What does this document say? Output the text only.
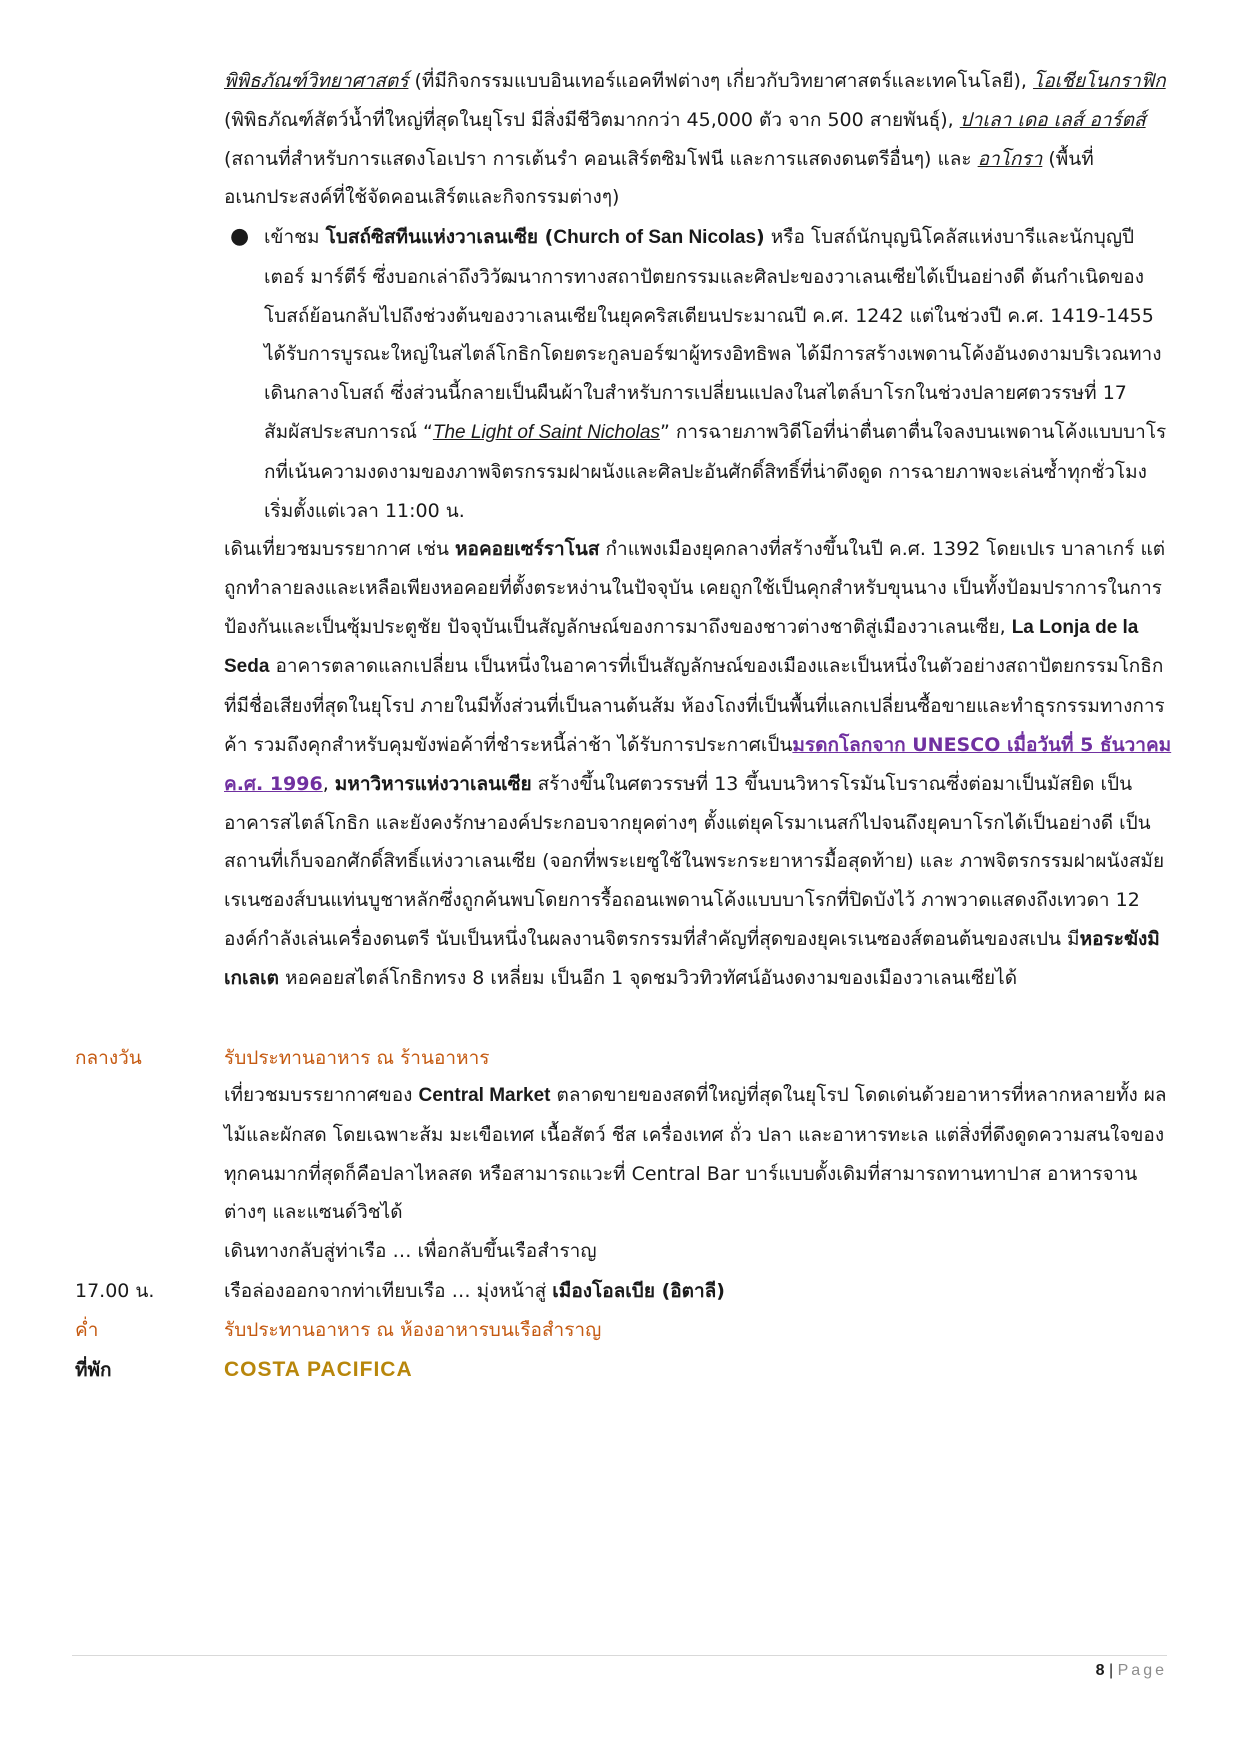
พิพิธภัณฑ์วิทยาศาสตร์ (ที่มีกิจกรรมแบบอินเทอร์แอคทีฟต่างๆ เกี่ยวกับวิทยาศาสตร์และเทคโนโลยี), โอเชียโนกราฟิก (พิพิธภัณฑ์สัตว์น้ำที่ใหญ่ที่สุดในยุโรป มีสิ่งมีชีวิตมากกว่า 45,000 ตัว จาก 500 สายพันธุ์), ปาเลา เดอ เลส์ อาร์ตส์ (สถานที่สำหรับการแสดงโอเปรา การเต้นรำ คอนเสิร์ตซิมโฟนี และการแสดงดนตรีอื่นๆ) และ อาโกรา (พื้นที่อเนกประสงค์ที่ใช้จัดคอนเสิร์ตและกิจกรรมต่างๆ)

● เข้าชม โบสถ์ซิสทีนแห่งวาเลนเซีย (Church of San Nicolas) หรือ โบสถ์นักบุญนิโคลัสแห่งบารีและนักบุญปีเตอร์ มาร์ตีร์ ซึ่งบอกเล่าถึงวิวัฒนาการทางสถาปัตยกรรมและศิลปะของวาเลนเซียได้เป็นอย่างดี ต้นกำเนิดของโบสถ์ย้อนกลับไปถึงช่วงต้นของวาเลนเซียในยุคคริสเตียนประมาณปี ค.ศ. 1242 แต่ในช่วงปี ค.ศ. 1419-1455 ได้รับการบูรณะใหญ่ในสไตล์โกธิกโดยตระกูลบอร์ฆาผู้ทรงอิทธิพล ได้มีการสร้างเพดานโค้งอันงดงามบริเวณทางเดินกลางโบสถ์ ซึ่งส่วนนี้กลายเป็นผืนผ้าใบสำหรับการเปลี่ยนแปลงในสไตล์บาโรกในช่วงปลายศตวรรษที่ 17 สัมผัสประสบการณ์ “The Light of Saint Nicholas” การฉายภาพวิดีโอที่น่าตื่นตาตื่นใจลงบนเพดานโค้งแบบบาโรกที่เน้นความงดงามของภาพจิตรกรรมฝาผนังและศิลปะอันศักดิ์สิทธิ์ที่น่าดึงดูด การฉายภาพจะเล่นซ้ำทุกชั่วโมง เริ่มตั้งแต่เวลา 11:00 น.

เดินเที่ยวชมบรรยากาศ เช่น หอคอยเซร์ราโนส กำแพงเมืองยุคกลางที่สร้างขึ้นในปี ค.ศ. 1392 โดยเปเร บาลาเกร์ แต่ถูกทำลายลงและเหลือเพียงหอคอยที่ตั้งตระหง่านในปัจจุบัน เคยถูกใช้เป็นคุกสำหรับขุนนาง เป็นทั้งป้อมปราการในการป้องกันและเป็นซุ้มประตูชัย ปัจจุบันเป็นสัญลักษณ์ของการมาถึงของชาวต่างชาติสู่เมืองวาเลนเซีย, La Lonja de la Seda อาคารตลาดแลกเปลี่ยน เป็นหนึ่งในอาคารที่เป็นสัญลักษณ์ของเมืองและเป็นหนึ่งในตัวอย่างสถาปัตยกรรมโกธิกที่มีชื่อเสียงที่สุดในยุโรป ภายในมีทั้งส่วนที่เป็นลานต้นส้ม ห้องโถงที่เป็นพื้นที่แลกเปลี่ยนซื้อขายและทำธุรกรรมทางการค้า รวมถึงคุกสำหรับคุมขังพ่อค้าที่ชำระหนี้ล่าช้า ได้รับการประกาศเป็นมรดกโลกจาก UNESCO เมื่อวันที่ 5 ธันวาคม ค.ศ. 1996, มหาวิหารแห่งวาเลนเซีย สร้างขึ้นในศตวรรษที่ 13 ขึ้นบนวิหารโรมันโบราณซึ่งต่อมาเป็นมัสยิด เป็นอาคารสไตล์โกธิก และยังคงรักษาองค์ประกอบจากยุคต่างๆ ตั้งแต่ยุคโรมาเนสก์ไปจนถึงยุคบาโรกได้เป็นอย่างดี เป็นสถานที่เก็บจอกศักดิ์สิทธิ์แห่งวาเลนเซีย (จอกที่พระเยซูใช้ในพระกระยาหารมื้อสุดท้าย) และ ภาพจิตรกรรมฝาผนังสมัยเรเนซองส์บนแท่นบูชาหลักซึ่งถูกค้นพบโดยการรื้อถอนเพดานโค้งแบบบาโรกที่ปิดบังไว้ ภาพวาดแสดงถึงเทวดา 12 องค์กำลังเล่นเครื่องดนตรี นับเป็นหนึ่งในผลงานจิตรกรรมที่สำคัญที่สุดของยุคเรเนซองส์ตอนต้นของสเปน มีหอระฆังมิเกเลเต หอคอยสไตล์โกธิกทรง 8 เหลี่ยม เป็นอีก 1 จุดชมวิวทิวทัศน์อันงดงามของเมืองวาเลนเซียได้

กลางวัน	รับประทานอาหาร ณ ร้านอาหาร

เที่ยวชมบรรยากาศของ Central Market ตลาดขายของสดที่ใหญ่ที่สุดในยุโรป โดดเด่นด้วยอาหารที่หลากหลายทั้ง ผลไม้และผักสด โดยเฉพาะส้ม มะเขือเทศ เนื้อสัตว์ ชีส เครื่องเทศ ถั่ว ปลา และอาหารทะเล แต่สิ่งที่ดึงดูดความสนใจของทุกคนมากที่สุดก็คือปลาไหลสด หรือสามารถแวะที่ Central Bar บาร์แบบดั้งเดิมที่สามารถทานทาปาส อาหารจานต่างๆ และแซนด์วิชได้

เดินทางกลับสู่ท่าเรือ … เพื่อกลับขึ้นเรือสำราญ

17.00 น.	เรือล่องออกจากท่าเทียบเรือ … มุ่งหน้าสู่ เมืองโอลเบีย (อิตาลี)
ค่ำ	รับประทานอาหาร ณ ห้องอาหารบนเรือสำราญ
ที่พัก	COSTA PACIFICA
8 | Page
